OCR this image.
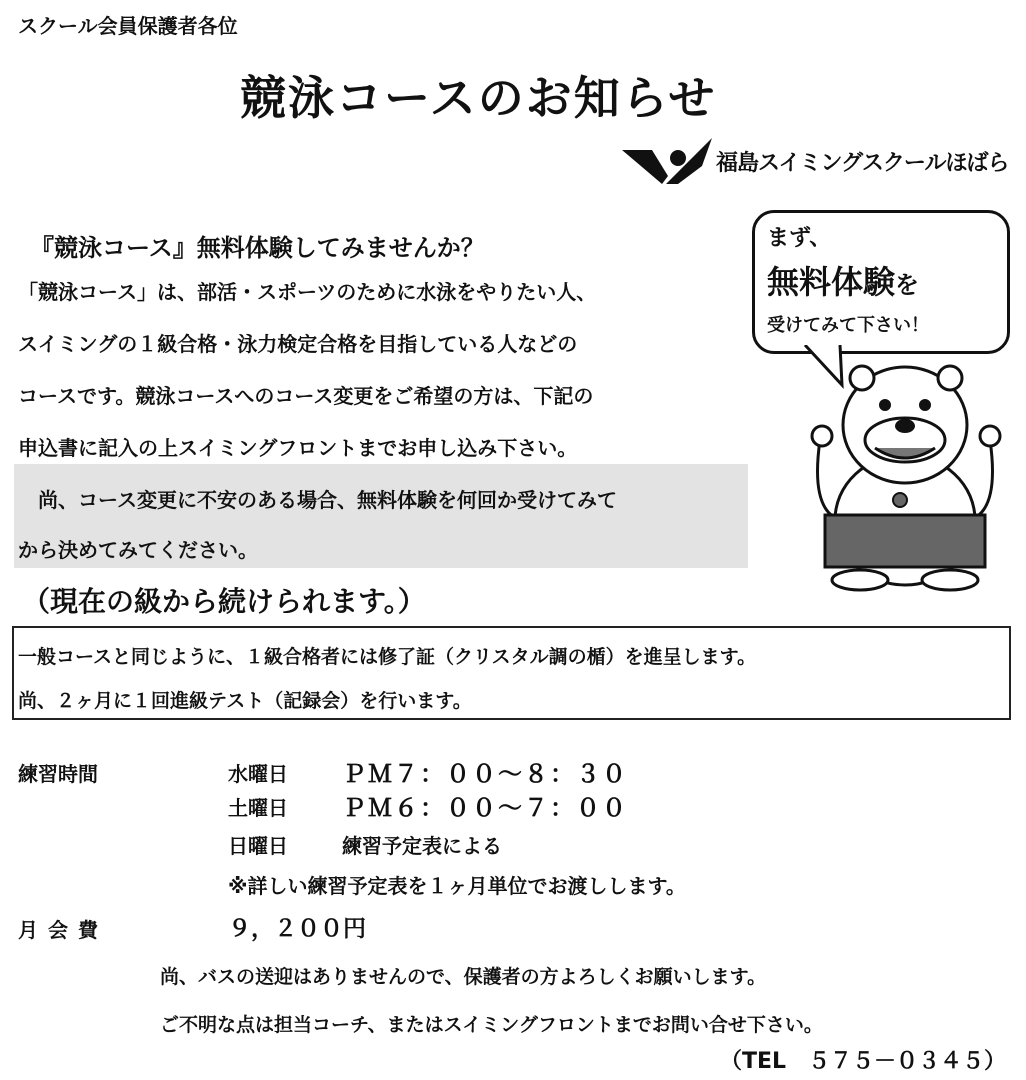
スクール会員保護者各位
競泳コースのお知らせ
福島スイミングスクールほばら
まず、
無料体験を
受けてみて下さい！
『競泳コース』無料体験してみませんか？
「競泳コース」は、部活・スポーツのために水泳をやりたい人、
スイミングの１級合格・泳力検定合格を目指している人などの
コースです。競泳コースへのコース変更をご希望の方は、下記の
申込書に記入の上スイミングフロントまでお申し込み下さい。
　尚、コース変更に不安のある場合、無料体験を何回か受けてみて
から決めてみてください。
（現在の級から続けられます。）
一般コースと同じように、１級合格者には修了証（クリスタル調の楯）を進呈します。
尚、２ヶ月に１回進級テスト（記録会）を行います。
練習時間	水曜日 ＰＭ７：００～８：３０
土曜日 ＰＭ６：００～７：００
日曜日	練習予定表による
※詳しい練習予定表を１ヶ月単位でお渡しします。
月会費	９，２００円
尚、バスの送迎はありませんので、保護者の方よろしくお願いします。
ご不明な点は担当コーチ、またはスイミングフロントまでお問い合せ下さい。
（TEL　５７５－０３４５）
